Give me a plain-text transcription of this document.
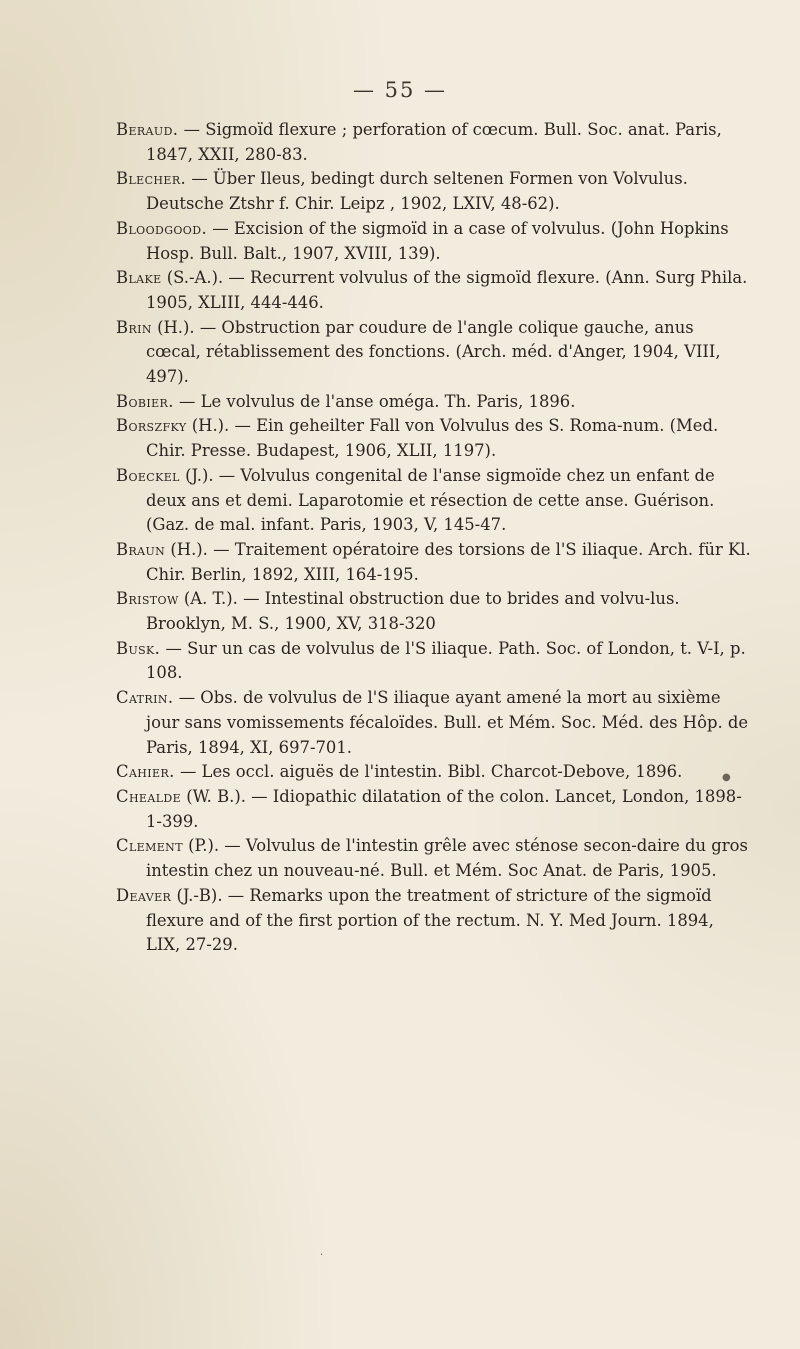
— 55 —

Beraud. — Sigmoïd flexure ; perforation of cœcum. Bull. Soc. anat. Paris, 1847, XXII, 280-83.

Blecher. — Über Ileus, bedingt durch seltenen Formen von Volvulus. Deutsche Ztshr f. Chir. Leipz , 1902, LXIV, 48-62).

Bloodgood. — Excision of the sigmoïd in a case of volvulus. (John Hopkins Hosp. Bull. Balt., 1907, XVIII, 139).

Blake (S.-A.). — Recurrent volvulus of the sigmoïd flexure. (Ann. Surg Phila. 1905, XLIII, 444-446.

Brin (H.). — Obstruction par coudure de l'angle colique gauche, anus cœcal, rétablissement des fonctions. (Arch. méd. d'Anger, 1904, VIII, 497).

Bobier. — Le volvulus de l'anse oméga. Th. Paris, 1896.

Borszfky (H.). — Ein geheilter Fall von Volvulus des S. Roma-num. (Med. Chir. Presse. Budapest, 1906, XLII, 1197).

Boeckel (J.). — Volvulus congenital de l'anse sigmoïde chez un enfant de deux ans et demi. Laparotomie et résection de cette anse. Guérison. (Gaz. de mal. infant. Paris, 1903, V, 145-47.

Braun (H.). — Traitement opératoire des torsions de l'S iliaque. Arch. für Kl. Chir. Berlin, 1892, XIII, 164-195.

Bristow (A. T.). — Intestinal obstruction due to brides and volvu-lus. Brooklyn, M. S., 1900, XV, 318-320

Busk. — Sur un cas de volvulus de l'S iliaque. Path. Soc. of London, t. V-I, p. 108.

Catrin. — Obs. de volvulus de l'S iliaque ayant amené la mort au sixième jour sans vomissements fécaloïdes. Bull. et Mém. Soc. Méd. des Hôp. de Paris, 1894, XI, 697-701.

Cahier. — Les occl. aiguës de l'intestin. Bibl. Charcot-Debove, 1896.

Chealde (W. B.). — Idiopathic dilatation of the colon. Lancet, London, 1898-1-399.

Clement (P.). — Volvulus de l'intestin grêle avec sténose secon-daire du gros intestin chez un nouveau-né. Bull. et Mém. Soc Anat. de Paris, 1905.

Deaver (J.-B). — Remarks upon the treatment of stricture of the sigmoïd flexure and of the first portion of the rectum. N. Y. Med Journ. 1894, LIX, 27-29.

●
·
